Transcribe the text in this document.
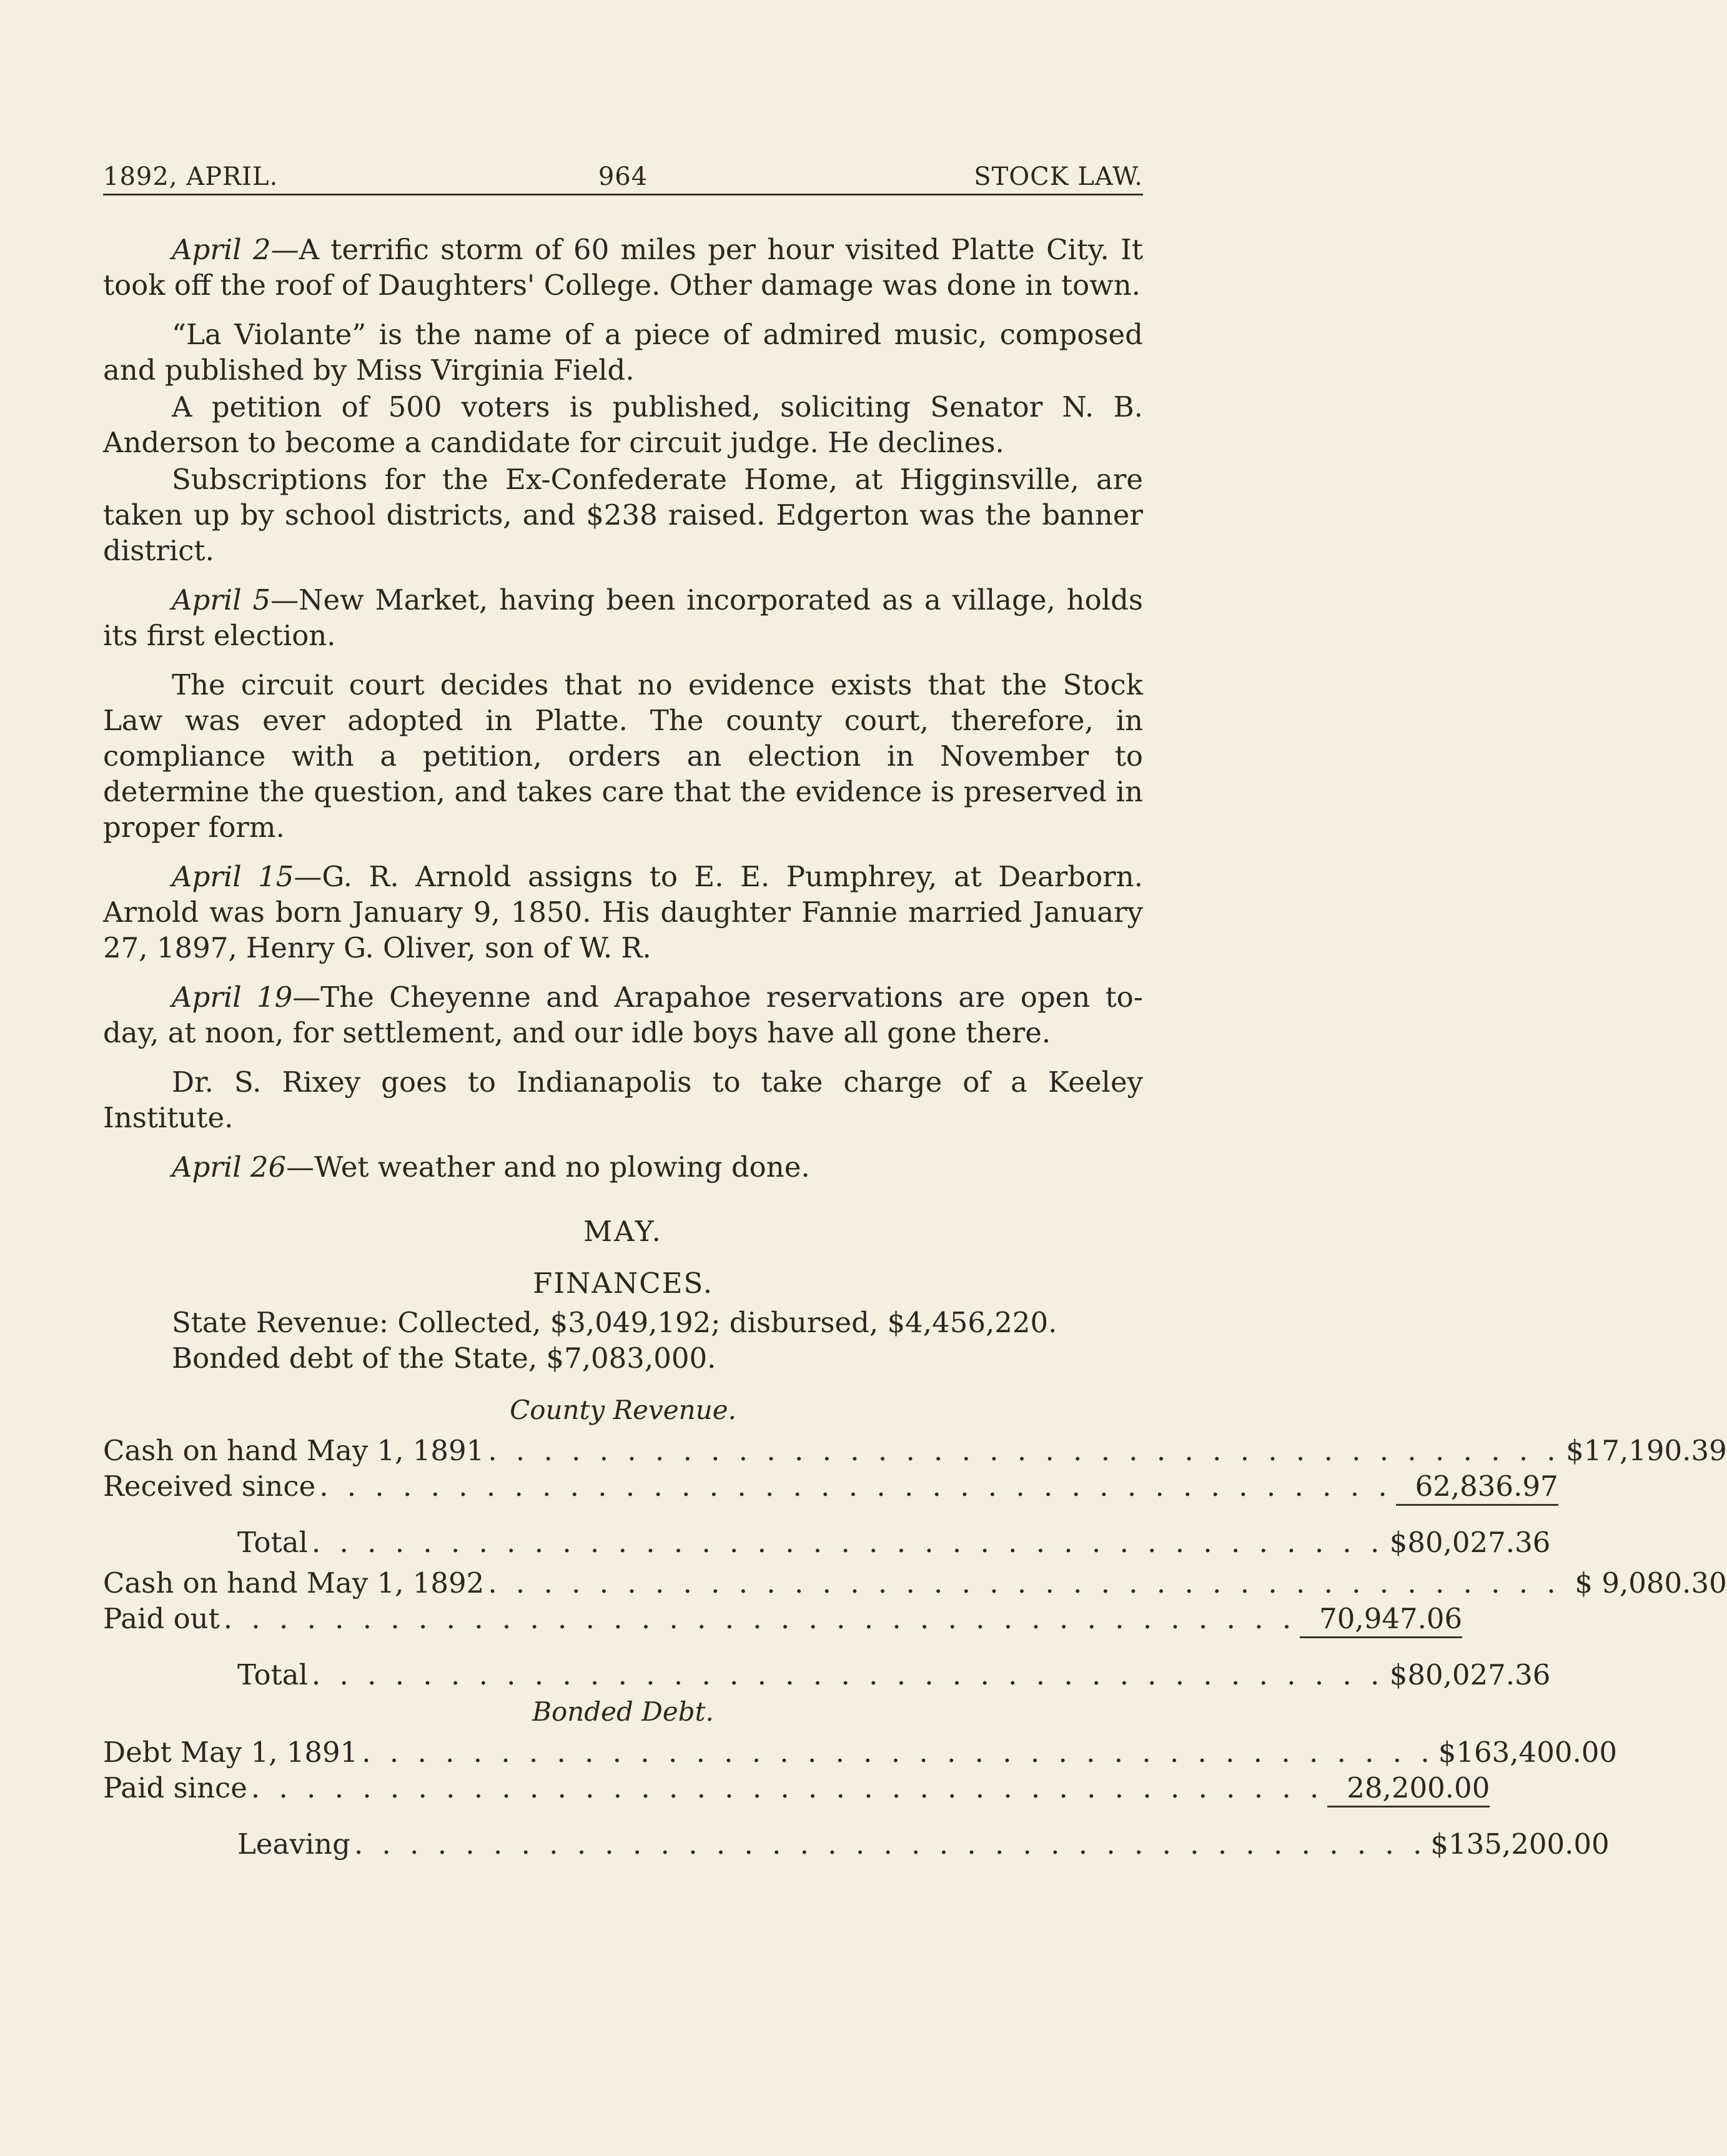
1892, APRIL.	964	STOCK LAW.

April 2—A terrific storm of 60 miles per hour visited Platte City. It took off the roof of Daughters' College. Other damage was done in town.

“La Violante” is the name of a piece of admired music, composed and published by Miss Virginia Field.

A petition of 500 voters is published, soliciting Senator N. B. Anderson to become a candidate for circuit judge. He declines.

Subscriptions for the Ex-Confederate Home, at Higginsville, are taken up by school districts, and $238 raised. Edgerton was the banner district.

April 5—New Market, having been incorporated as a village, holds its first election.

The circuit court decides that no evidence exists that the Stock Law was ever adopted in Platte. The county court, therefore, in compliance with a petition, orders an election in November to determine the question, and takes care that the evidence is preserved in proper form.

April 15—G. R. Arnold assigns to E. E. Pumphrey, at Dearborn. Arnold was born January 9, 1850. His daughter Fannie married January 27, 1897, Henry G. Oliver, son of W. R.

April 19—The Cheyenne and Arapahoe reservations are open to-day, at noon, for settlement, and our idle boys have all gone there.

Dr. S. Rixey goes to Indianapolis to take charge of a Keeley Institute.

April 26—Wet weather and no plowing done.

MAY.
FINANCES.
State Revenue: Collected, $3,049,192; disbursed, $4,456,220.
Bonded debt of the State, $7,083,000.
County Revenue.
Cash on hand May 1, 1891 . . . . . . . . . . . . . . . . . . . . . . . . . . . . . . . . . . . . . . . $17,190.39
Received since . . . . . . . . . . . . . . . . . . . . . . . . . . . . . . . . . . . . . . . 62,836.97
Total . . . . . . . . . . . . . . . . . . . . . . . . . . . . . . . . . . . . . . . $80,027.36
Cash on hand May 1, 1892 . . . . . . . . . . . . . . . . . . . . . . . . . . . . . . . . . . . . . . . $ 9,080.30
Paid out . . . . . . . . . . . . . . . . . . . . . . . . . . . . . . . . . . . . . . . 70,947.06
Total . . . . . . . . . . . . . . . . . . . . . . . . . . . . . . . . . . . . . . . $80,027.36
Bonded Debt.
Debt May 1, 1891 . . . . . . . . . . . . . . . . . . . . . . . . . . . . . . . . . . . . . . . $163,400.00
Paid since . . . . . . . . . . . . . . . . . . . . . . . . . . . . . . . . . . . . . . . 28,200.00
Leaving . . . . . . . . . . . . . . . . . . . . . . . . . . . . . . . . . . . . . . . $135,200.00
